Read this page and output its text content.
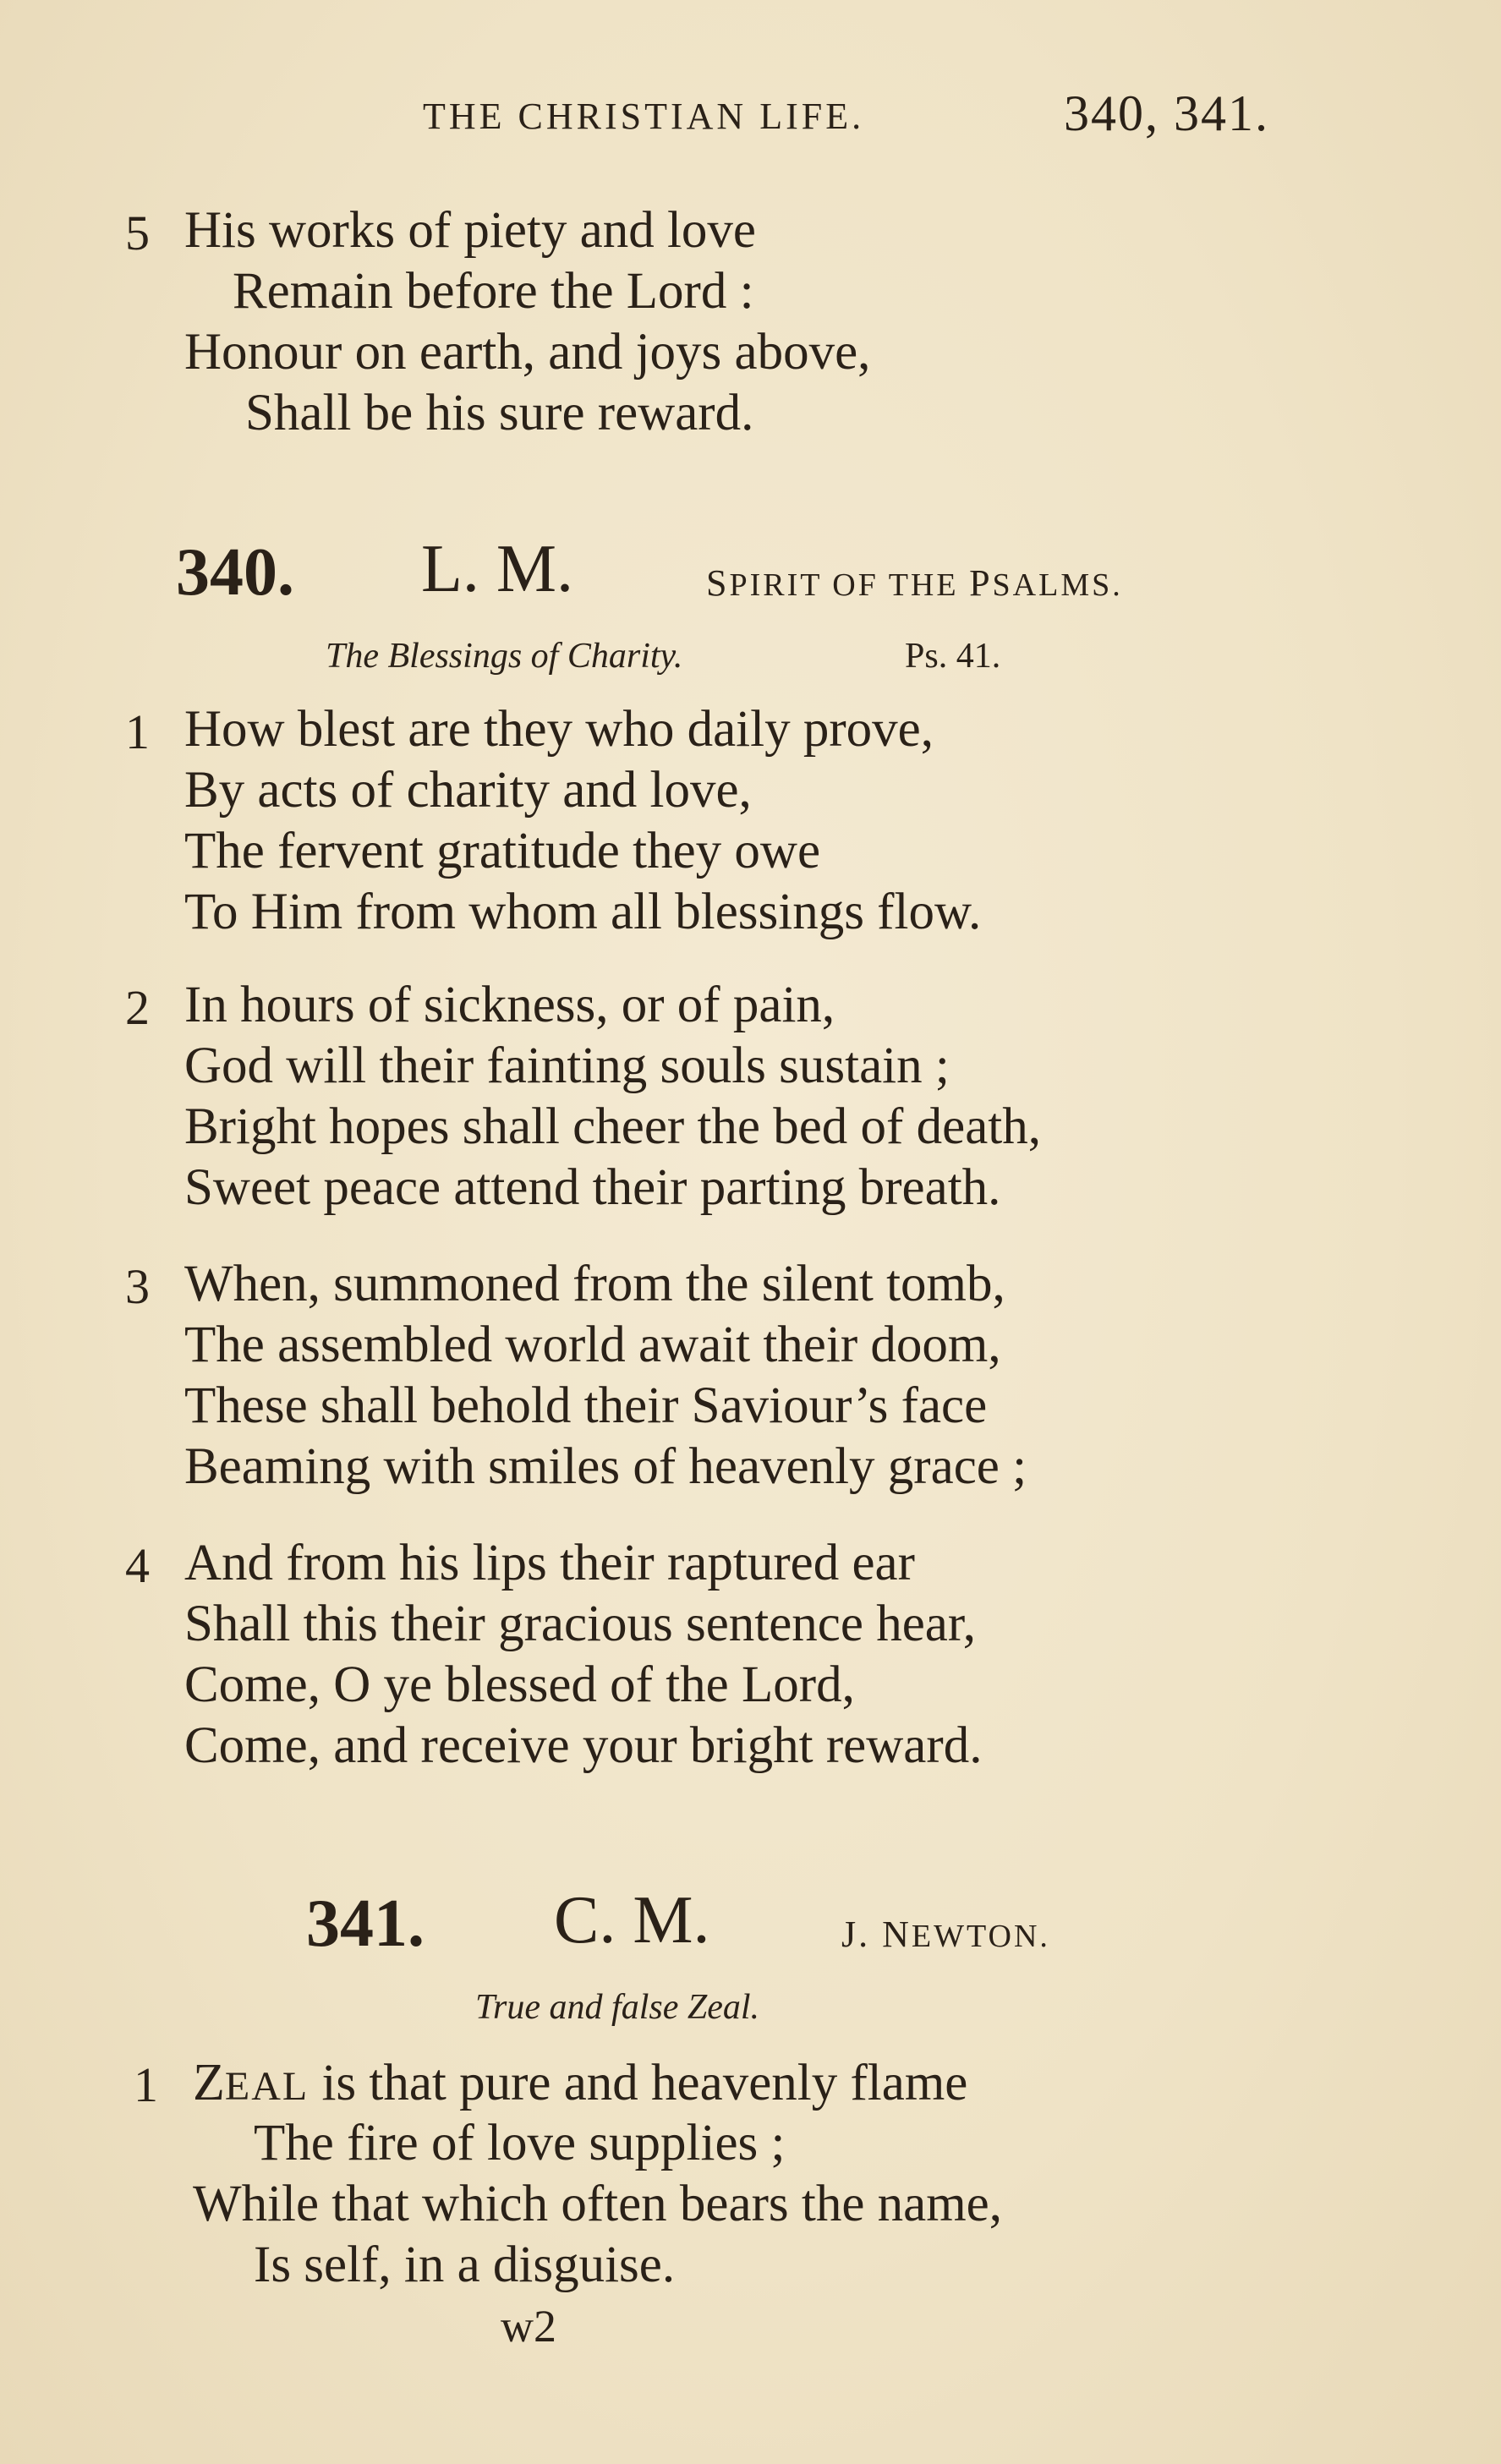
THE CHRISTIAN LIFE.	340, 341.
5 His works of piety and love
Remain before the Lord :
Honour on earth, and joys above,
Shall be his sure reward.
340. L. M.	SPIRIT OF THE PSALMS.
The Blessings of Charity.	Ps. 41.
1 How blest are they who daily prove,
By acts of charity and love,
The fervent gratitude they owe
To Him from whom all blessings flow.
2 In hours of sickness, or of pain,
God will their fainting souls sustain ;
Bright hopes shall cheer the bed of death,
Sweet peace attend their parting breath.
3 When, summoned from the silent tomb,
The assembled world await their doom,
These shall behold their Saviour’s face
Beaming with smiles of heavenly grace ;
4 And from his lips their raptured ear
Shall this their gracious sentence hear,
Come, O ye blessed of the Lord,
Come, and receive your bright reward.
341. C. M.	J. NEWTON.
True and false Zeal.
1 ZEAL is that pure and heavenly flame
The fire of love supplies ;
While that which often bears the name,
Is self, in a disguise.
w2
